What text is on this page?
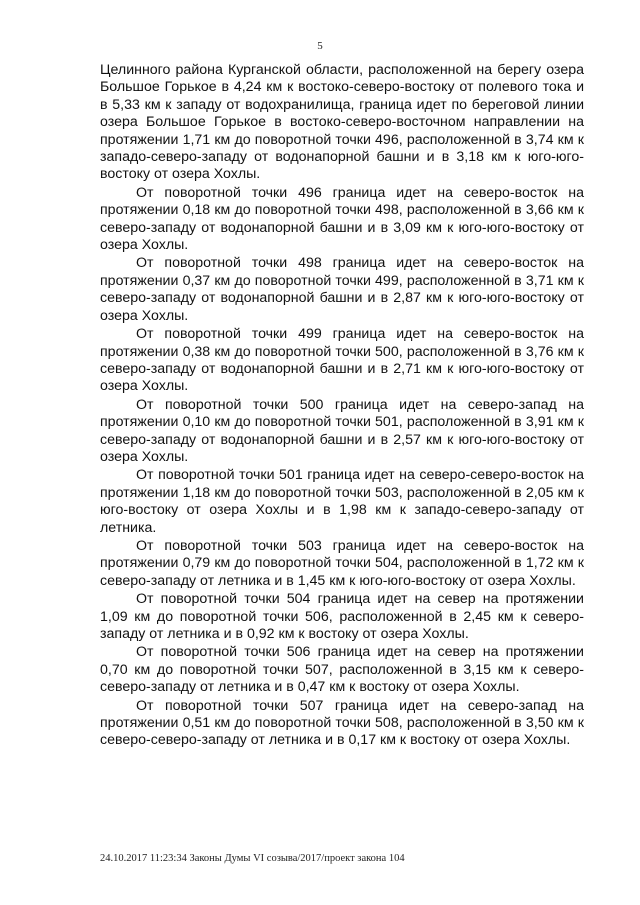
5

Целинного района Курганской области, расположенной на берегу озера Большое Горькое в 4,24 км к востоко-северо-востоку от полевого тока и в 5,33 км к западу от водохранилища, граница идет по береговой линии озера Большое Горькое в востоко-северо-восточном направлении на протяжении 1,71 км до поворотной точки 496, расположенной в 3,74 км к западо-северо-западу от водонапорной башни и в 3,18 км к юго-юго-востоку от озера Хохлы.

От поворотной точки 496 граница идет на северо-восток на протяжении 0,18 км до поворотной точки 498, расположенной в 3,66 км к северо-западу от водонапорной башни и в 3,09 км к юго-юго-востоку от озера Хохлы.

От поворотной точки 498 граница идет на северо-восток на протяжении 0,37 км до поворотной точки 499, расположенной в 3,71 км к северо-западу от водонапорной башни и в 2,87 км к юго-юго-востоку от озера Хохлы.

От поворотной точки 499 граница идет на северо-восток на протяжении 0,38 км до поворотной точки 500, расположенной в 3,76 км к северо-западу от водонапорной башни и в 2,71 км к юго-юго-востоку от озера Хохлы.

От поворотной точки 500 граница идет на северо-запад на протяжении 0,10 км до поворотной точки 501, расположенной в 3,91 км к северо-западу от водонапорной башни и в 2,57 км к юго-юго-востоку от озера Хохлы.

От поворотной точки 501 граница идет на северо-северо-восток на протяжении 1,18 км до поворотной точки 503, расположенной в 2,05 км к юго-востоку от озера Хохлы и в 1,98 км к западо-северо-западу от летника.

От поворотной точки 503 граница идет на северо-восток на протяжении 0,79 км до поворотной точки 504, расположенной в 1,72 км к северо-западу от летника и в 1,45 км к юго-юго-востоку от озера Хохлы.

От поворотной точки 504 граница идет на север на протяжении 1,09 км до поворотной точки 506, расположенной в 2,45 км к северо-западу от летника и в 0,92 км к востоку от озера Хохлы.

От поворотной точки 506 граница идет на север на протяжении 0,70 км до поворотной точки 507, расположенной в 3,15 км к северо-северо-западу от летника и в 0,47 км к востоку от озера Хохлы.

От поворотной точки 507 граница идет на северо-запад на протяжении 0,51 км до поворотной точки 508, расположенной в 3,50 км к северо-северо-западу от летника и в 0,17 км к востоку от озера Хохлы.

24.10.2017 11:23:34 Законы Думы VI созыва/2017/проект закона 104
